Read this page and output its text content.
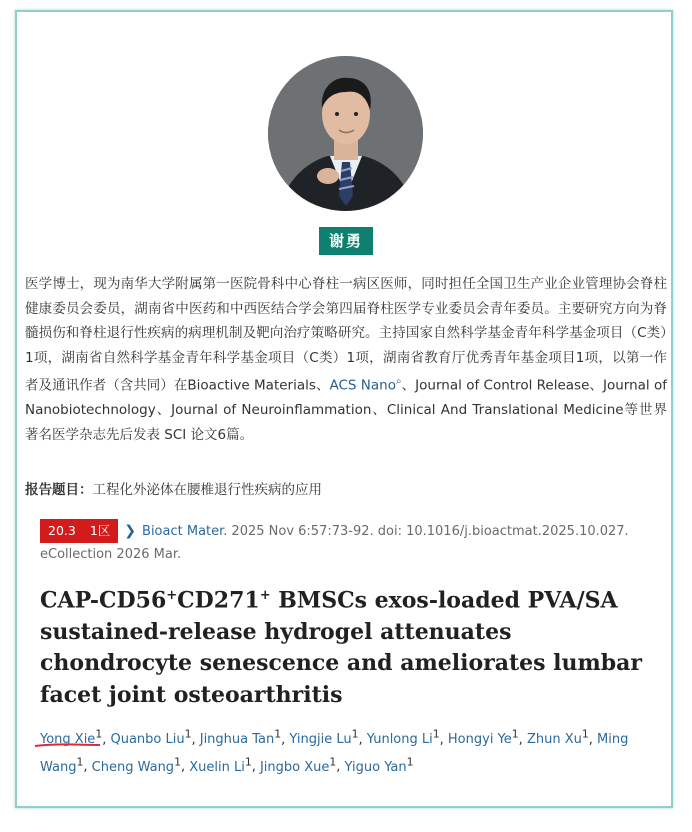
谢勇

医学博士，现为南华大学附属第一医院骨科中心脊柱一病区医师，同时担任全国卫生产业企业管理协会脊柱健康委员会委员，湖南省中医药和中西医结合学会第四届脊柱医学专业委员会青年委员。主要研究方向为脊髓损伤和脊柱退行性疾病的病理机制及靶向治疗策略研究。主持国家自然科学基金青年科学基金项目（C类）1项，湖南省自然科学基金青年科学基金项目（C类）1项，湖南省教育厅优秀青年基金项目1项，以第一作者及通讯作者（含共同）在Bioactive Materials、ACS Nano⌕、Journal of Control Release、Journal of Nanobiotechnology、Journal of Neuroinflammation、Clinical And Translational Medicine等世界著名医学杂志先后发表 SCI 论文6篇。

报告题目：工程化外泌体在腰椎退行性疾病的应用
20.3 1区 ❯ Bioact Mater. 2025 Nov 6:57:73-92. doi: 10.1016/j.bioactmat.2025.10.027.
eCollection 2026 Mar.
CAP-CD56+CD271+ BMSCs exos-loaded PVA/SA sustained-release hydrogel attenuates chondrocyte senescence and ameliorates lumbar facet joint osteoarthritis
Yong Xie$^1$, Quanbo Liu$^1$, Jinghua Tan$^1$, Yingjie Lu$^1$, Yunlong Li$^1$, Hongyi Ye$^1$, Zhun Xu$^1$, Ming Wang$^1$, Cheng Wang$^1$, Xuelin Li$^1$, Jingbo Xue$^1$, Yiguo Yan$^1$
